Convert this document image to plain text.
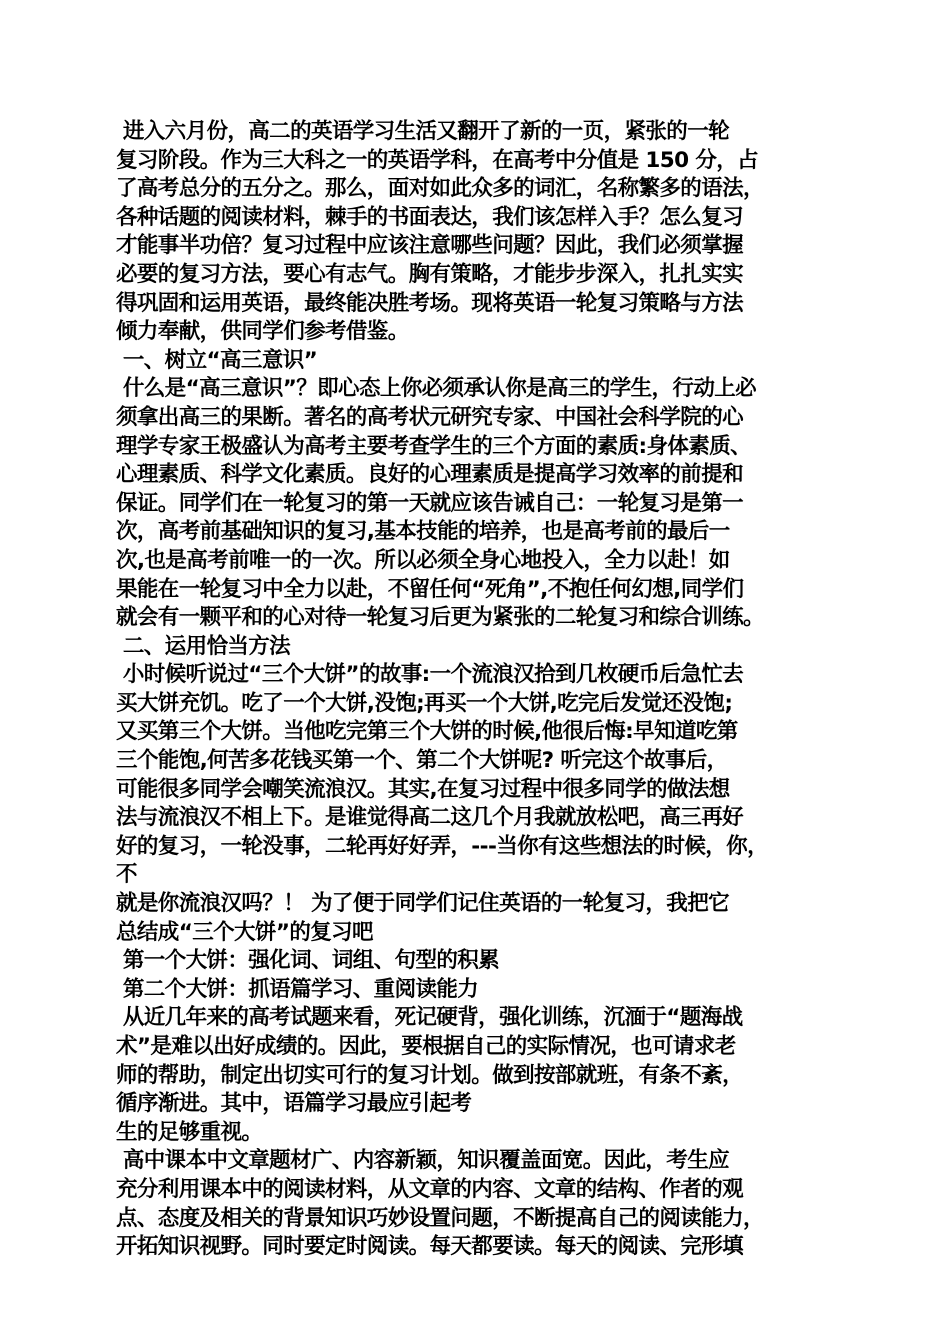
进入六月份，高二的英语学习生活又翻开了新的一页，紧张的一轮
复习阶段。作为三大科之一的英语学科，在高考中分值是 150 分，占
了高考总分的五分之。那么，面对如此众多的词汇，名称繁多的语法，
各种话题的阅读材料，棘手的书面表达，我们该怎样入手？怎么复习
才能事半功倍？复习过程中应该注意哪些问题？因此，我们必须掌握
必要的复习方法，要心有志气。胸有策略，才能步步深入，扎扎实实
得巩固和运用英语，最终能决胜考场。现将英语一轮复习策略与方法
倾力奉献，供同学们参考借鉴。
一、树立“高三意识”
什么是“高三意识”？即心态上你必须承认你是高三的学生，行动上必
须拿出高三的果断。著名的高考状元研究专家、中国社会科学院的心
理学专家王极盛认为高考主要考查学生的三个方面的素质:身体素质、
心理素质、科学文化素质。良好的心理素质是提高学习效率的前提和
保证。同学们在一轮复习的第一天就应该告诫自己：一轮复习是第一
次，高考前基础知识的复习,基本技能的培养，也是高考前的最后一
次,也是高考前唯一的一次。所以必须全身心地投入，全力以赴！如
果能在一轮复习中全力以赴，不留任何“死角”,不抱任何幻想,同学们
就会有一颗平和的心对待一轮复习后更为紧张的二轮复习和综合训练。
二、运用恰当方法
小时候听说过“三个大饼”的故事:一个流浪汉拾到几枚硬币后急忙去
买大饼充饥。吃了一个大饼,没饱;再买一个大饼,吃完后发觉还没饱;
又买第三个大饼。当他吃完第三个大饼的时候,他很后悔:早知道吃第
三个能饱,何苦多花钱买第一个、第二个大饼呢? 听完这个故事后，
可能很多同学会嘲笑流浪汉。其实,在复习过程中很多同学的做法想
法与流浪汉不相上下。是谁觉得高二这几个月我就放松吧，高三再好
好的复习，一轮没事，二轮再好好弄，---当你有这些想法的时候，你，
不
就是你流浪汉吗？！ 为了便于同学们记住英语的一轮复习，我把它
总结成“三个大饼”的复习吧
第一个大饼：强化词、词组、句型的积累
第二个大饼：抓语篇学习、重阅读能力
从近几年来的高考试题来看，死记硬背，强化训练，沉湎于“题海战
术”是难以出好成绩的。因此，要根据自己的实际情况，也可请求老
师的帮助，制定出切实可行的复习计划。做到按部就班，有条不紊，
循序渐进。其中，语篇学习最应引起考
生的足够重视。
高中课本中文章题材广、内容新颖，知识覆盖面宽。因此，考生应
充分利用课本中的阅读材料，从文章的内容、文章的结构、作者的观
点、态度及相关的背景知识巧妙设置问题，不断提高自己的阅读能力，
开拓知识视野。同时要定时阅读。每天都要读。每天的阅读、完形填
